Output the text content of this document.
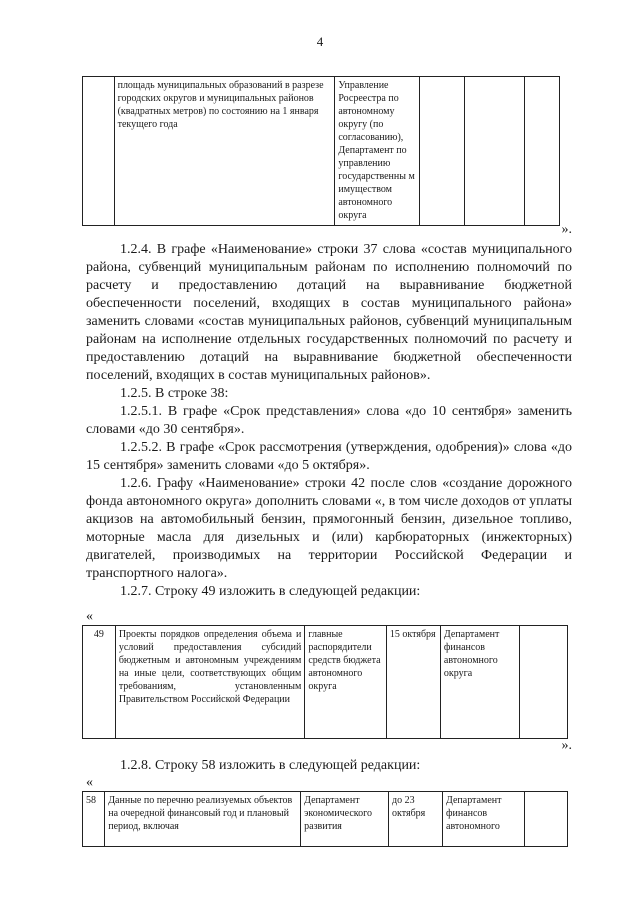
4
	площадь муниципальных образований в разрезе городских округов и муниципальных районов (квадратных метров) по состоянию на 1 января текущего года	Управление Росреестра по автономному округу (по согласованию), Департамент по управлению государственны м имуществом автономного округа			
».

1.2.4. В графе «Наименование» строки 37 слова «состав муниципального района, субвенций муниципальным районам по исполнению полномочий по расчету и предоставлению дотаций на выравнивание бюджетной обеспеченности поселений, входящих в состав муниципального района» заменить словами «состав муниципальных районов, субвенций муниципальным районам на исполнение отдельных государственных полномочий по расчету и предоставлению дотаций на выравнивание бюджетной обеспеченности поселений, входящих в состав муниципальных районов».

1.2.5. В строке 38:

1.2.5.1. В графе «Срок представления» слова «до 10 сентября» заменить словами «до 30 сентября».

1.2.5.2. В графе «Срок рассмотрения (утверждения, одобрения)» слова «до 15 сентября» заменить словами «до 5 октября».

1.2.6. Графу «Наименование» строки 42 после слов «создание дорожного фонда автономного округа» дополнить словами «, в том числе доходов от уплаты акцизов на автомобильный бензин, прямогонный бензин, дизельное топливо, моторные масла для дизельных и (или) карбюраторных (инжекторных) двигателей, производимых на территории Российской Федерации и транспортного налога».

1.2.7. Строку 49 изложить в следующей редакции:

«
49	Проекты порядков определения объема и условий предоставления субсидий бюджетным и автономным учреждениям на иные цели, соответствующих общим требованиям, установленным Правительством Российской Федерации	главные распорядители средств бюджета автономного округа	15 октября	Департамент финансов автономного округа	
».

1.2.8. Строку 58 изложить в следующей редакции:

«
58	Данные по перечню реализуемых объектов на очередной финансовый год и плановый период, включая	Департамент экономического развития	до 23 октября	Департамент финансов автономного	
